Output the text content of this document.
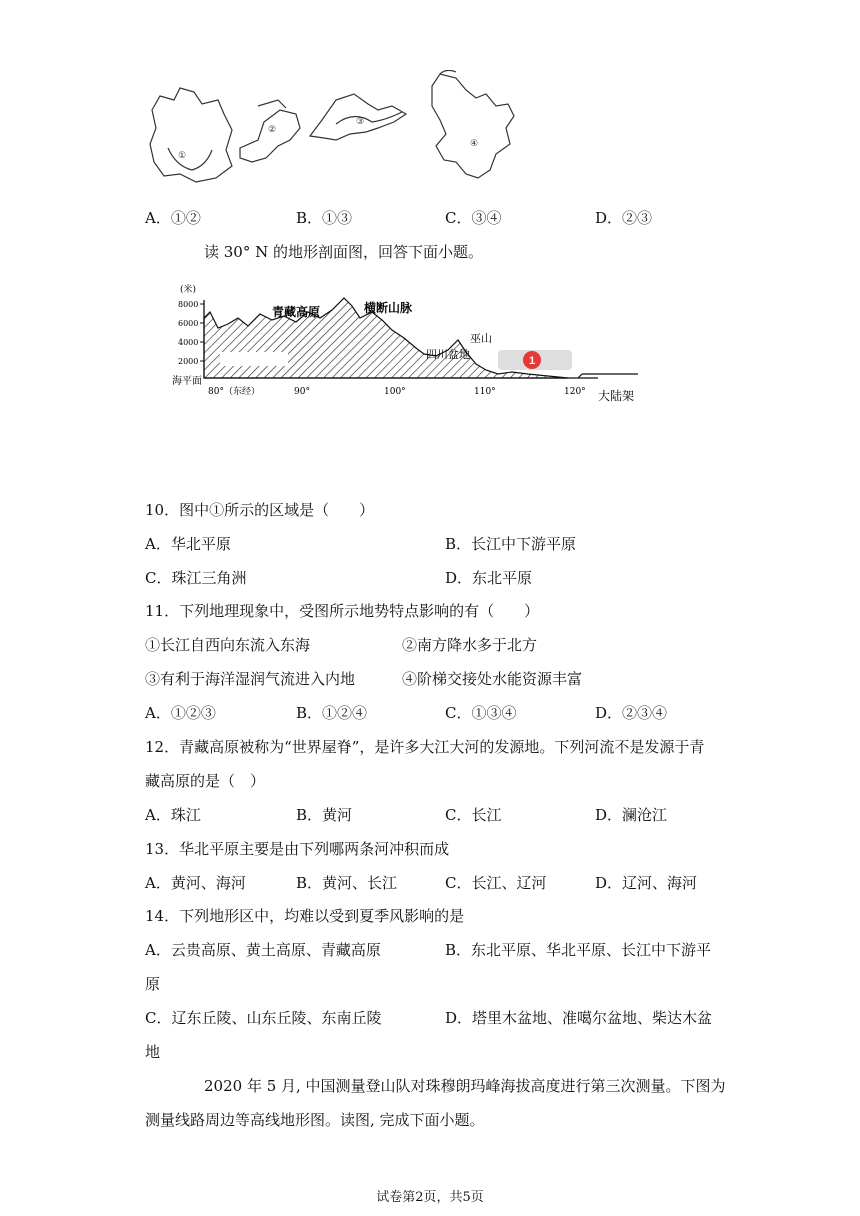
①
②
③
④
A．①②	B．①③	C．③④	D．②③
读 30° N 的地形剖面图，回答下面小题。
1
(米)
8000
6000
4000
2000
海平面
80°（东经）	90°	100°	110°	120°
青藏高原	横断山脉
巫山
四川盆地
大陆架
10．图中①所示的区域是（　　）
A．华北平原	B．长江中下游平原
C．珠江三角洲	D．东北平原
11．下列地理现象中，受图所示地势特点影响的有（　　）
①长江自西向东流入东海	②南方降水多于北方
③有利于海洋湿润气流进入内地	④阶梯交接处水能资源丰富
A．①②③	B．①②④	C．①③④	D．②③④
12．青藏高原被称为“世界屋脊”，是许多大江大河的发源地。下列河流不是发源于青
藏高原的是（　）
A．珠江	B．黄河	C．长江	D．澜沧江
13．华北平原主要是由下列哪两条河冲积而成
A．黄河、海河	B．黄河、长江	C．长江、辽河	D．辽河、海河
14．下列地形区中，均难以受到夏季风影响的是
A．云贵高原、黄土高原、青藏高原	B．东北平原、华北平原、长江中下游平
原
C．辽东丘陵、山东丘陵、东南丘陵	D．塔里木盆地、准噶尔盆地、柴达木盆
地
2020 年 5 月, 中国测量登山队对珠穆朗玛峰海拔高度进行第三次测量。下图为
测量线路周边等高线地形图。读图, 完成下面小题。
试卷第2页，共5页
